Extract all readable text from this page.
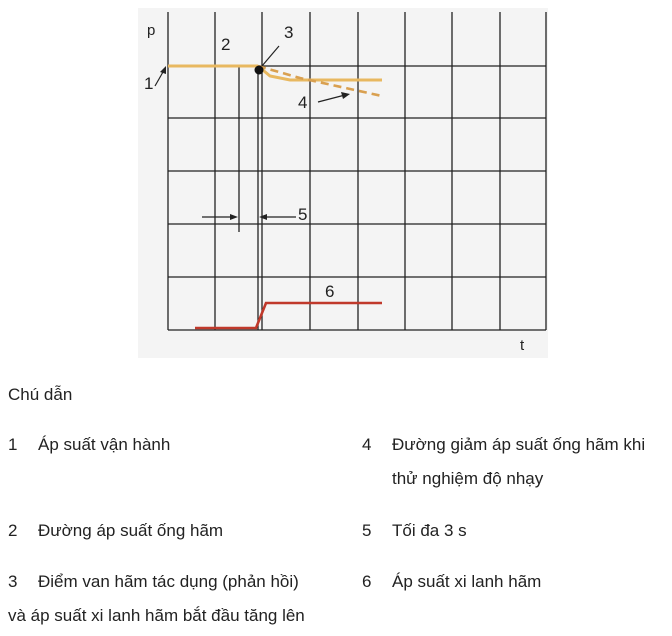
p
t
1
2
3
4
5
6
Chú dẫn
1 Áp suất vận hành
2 Đường áp suất ống hãm
3 Điểm van hãm tác dụng (phản hồi)
và áp suất xi lanh hãm bắt đầu tăng lên
4 Đường giảm áp suất ống hãm khi
thử nghiệm độ nhạy
5 Tối đa 3 s
6 Áp suất xi lanh hãm
